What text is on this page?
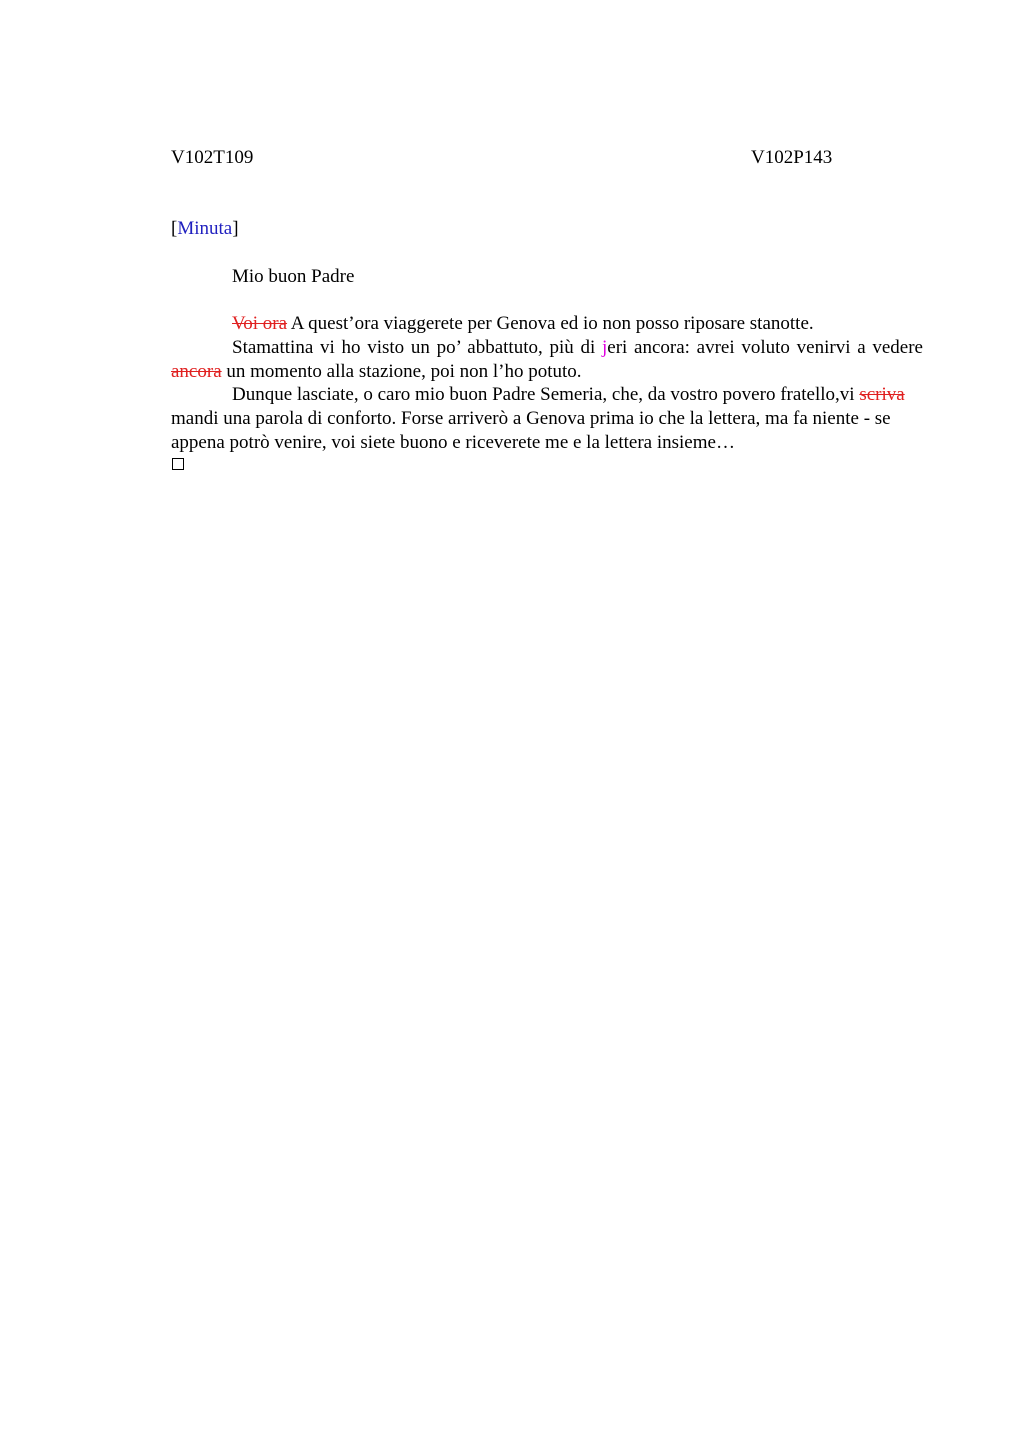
V102T109	V102P143
[Minuta]
Mio buon Padre

Voi ora A quest’ora viaggerete per Genova ed io non posso riposare stanotte.

Stamattina vi ho visto un po’ abbattuto, più di jeri ancora: avrei voluto venirvi a vedere ancora un momento alla stazione, poi non l’ho potuto.

Dunque lasciate, o caro mio buon Padre Semeria, che, da vostro povero fratello,vi scriva mandi una parola di conforto. Forse arriverò a Genova prima io che la lettera, ma fa niente - se appena potrò venire, voi siete buono e riceverete me e la lettera insieme…
